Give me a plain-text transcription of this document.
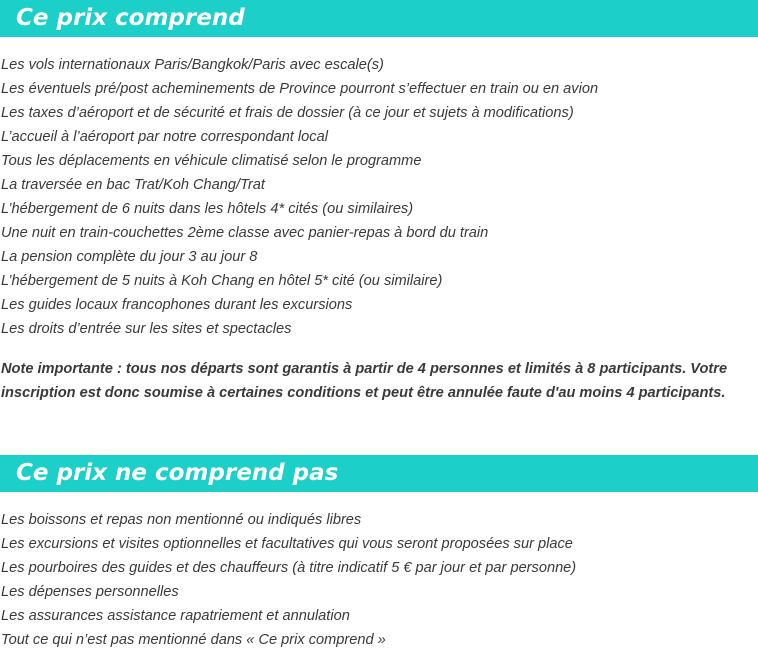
Ce prix comprend
Les vols internationaux Paris/Bangkok/Paris avec escale(s)
Les éventuels pré/post acheminements de Province pourront s’effectuer en train ou en avion
Les taxes d’aéroport et de sécurité et frais de dossier (à ce jour et sujets à modifications)
L’accueil à l’aéroport par notre correspondant local
Tous les déplacements en véhicule climatisé selon le programme
La traversée en bac Trat/Koh Chang/Trat
L’hébergement de 6 nuits dans les hôtels 4* cités (ou similaires)
Une nuit en train-couchettes 2ème classe avec panier-repas à bord du train
La pension complète du jour 3 au jour 8
L’hébergement de 5 nuits à Koh Chang en hôtel 5* cité (ou similaire)
Les guides locaux francophones durant les excursions
Les droits d’entrée sur les sites et spectacles

Note importante : tous nos départs sont garantis à partir de 4 personnes et limités à 8 participants. Votre inscription est donc soumise à certaines conditions et peut être annulée faute d'au moins 4 participants.

Ce prix ne comprend pas
Les boissons et repas non mentionné ou indiqués libres
Les excursions et visites optionnelles et facultatives qui vous seront proposées sur place
Les pourboires des guides et des chauffeurs (à titre indicatif 5 € par jour et par personne)
Les dépenses personnelles
Les assurances assistance rapatriement et annulation
Tout ce qui n’est pas mentionné dans « Ce prix comprend »
